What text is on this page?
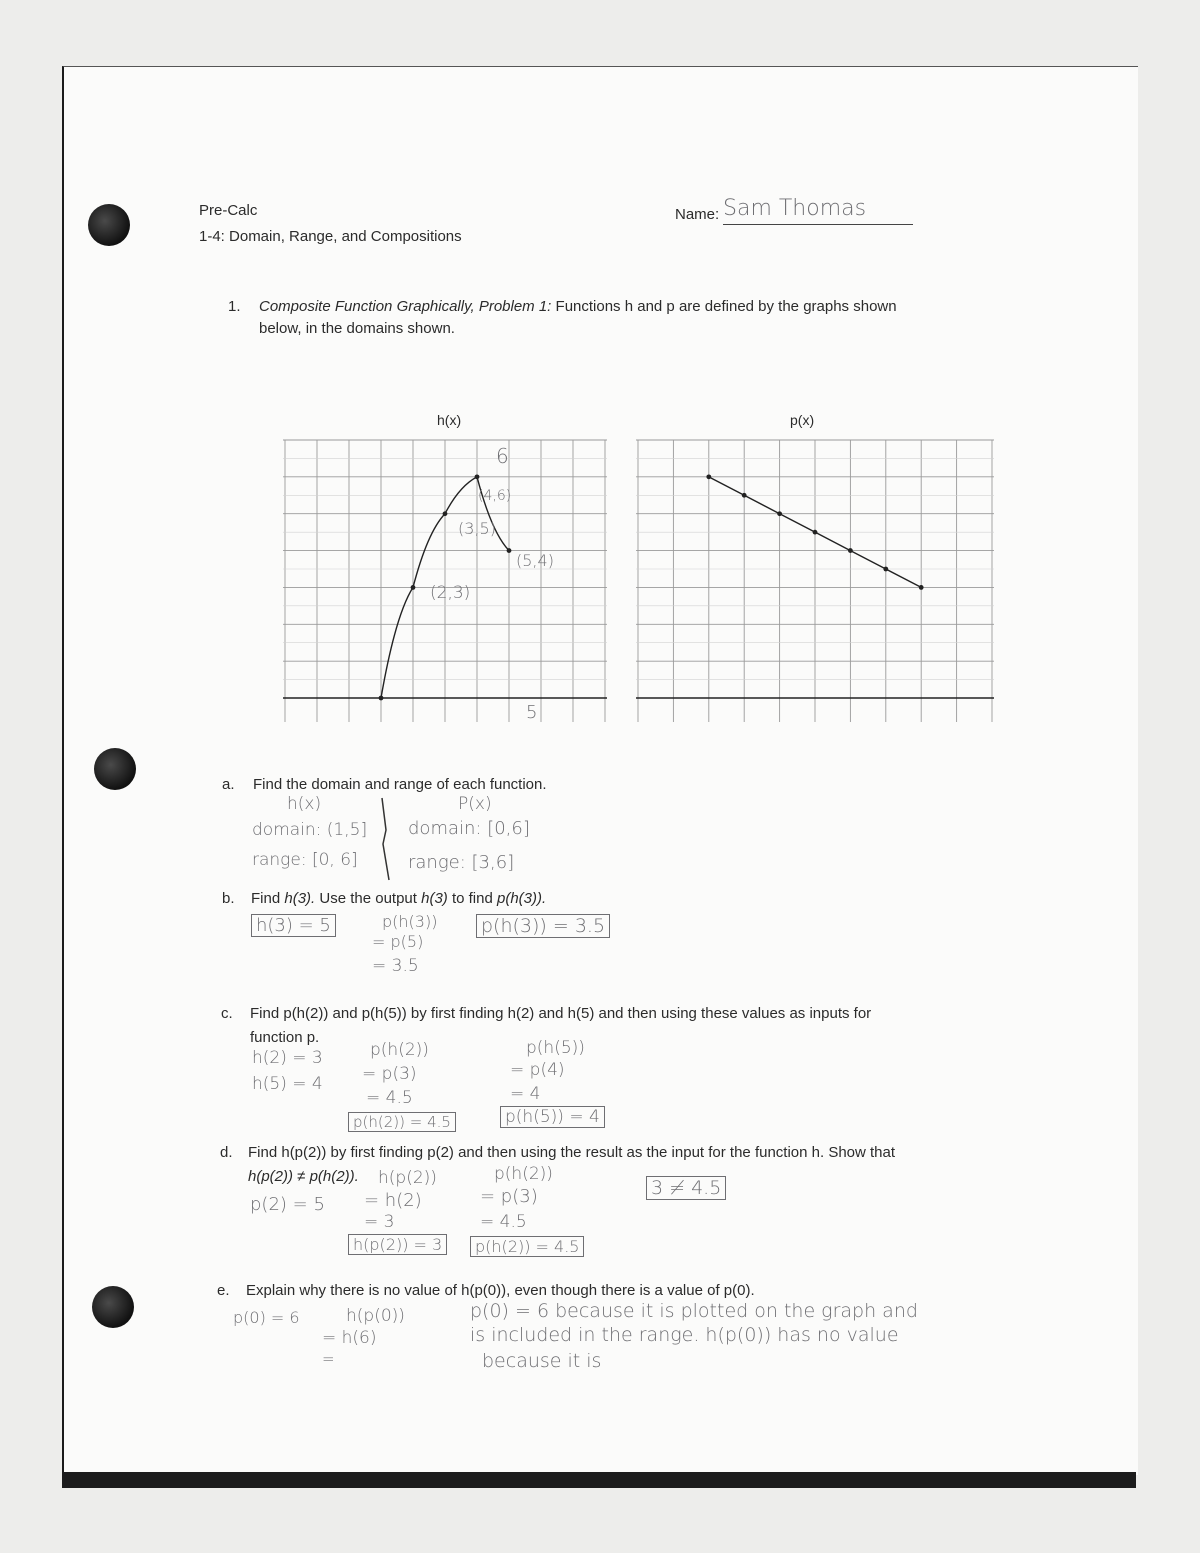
Pre-Calc
1-4: Domain, Range, and Compositions
Name: Sam Thomas
1. Composite Function Graphically, Problem 1: Functions h and p are defined by the graphs shown
below, in the domains shown.
h(x)	p(x)
6
(4,6)
(3,5)
(5,4)
(2,3)
5
a. Find the domain and range of each function.
h(x)	P(x)
domain: (1,5]
range: [0, 6]
domain: [0,6]
range: [3,6]
b. Find h(3). Use the output h(3) to find p(h(3)).
h(3) = 5	p(h(3))
= p(5)
= 3.5
p(h(3)) = 3.5
c. Find p(h(2)) and p(h(5)) by first finding h(2) and h(5) and then using these values as inputs for
function p.
h(2) = 3
h(5) = 4
p(h(2))
= p(3)
= 4.5
p(h(2)) = 4.5
p(h(5))
= p(4)
= 4
p(h(5)) = 4
d. Find h(p(2)) by first finding p(2) and then using the result as the input for the function h. Show that
h(p(2)) ≠ p(h(2)).
p(2) = 5
h(p(2))
= h(2)
= 3
h(p(2)) = 3
p(h(2))
= p(3)
= 4.5
p(h(2)) = 4.5
3 ≠ 4.5
e. Explain why there is no value of h(p(0)), even though there is a value of p(0).
p(0) = 6	h(p(0))
= h(6)
=
p(0) = 6 because it is plotted on the graph and
is included in the range. h(p(0)) has no value
because it is
